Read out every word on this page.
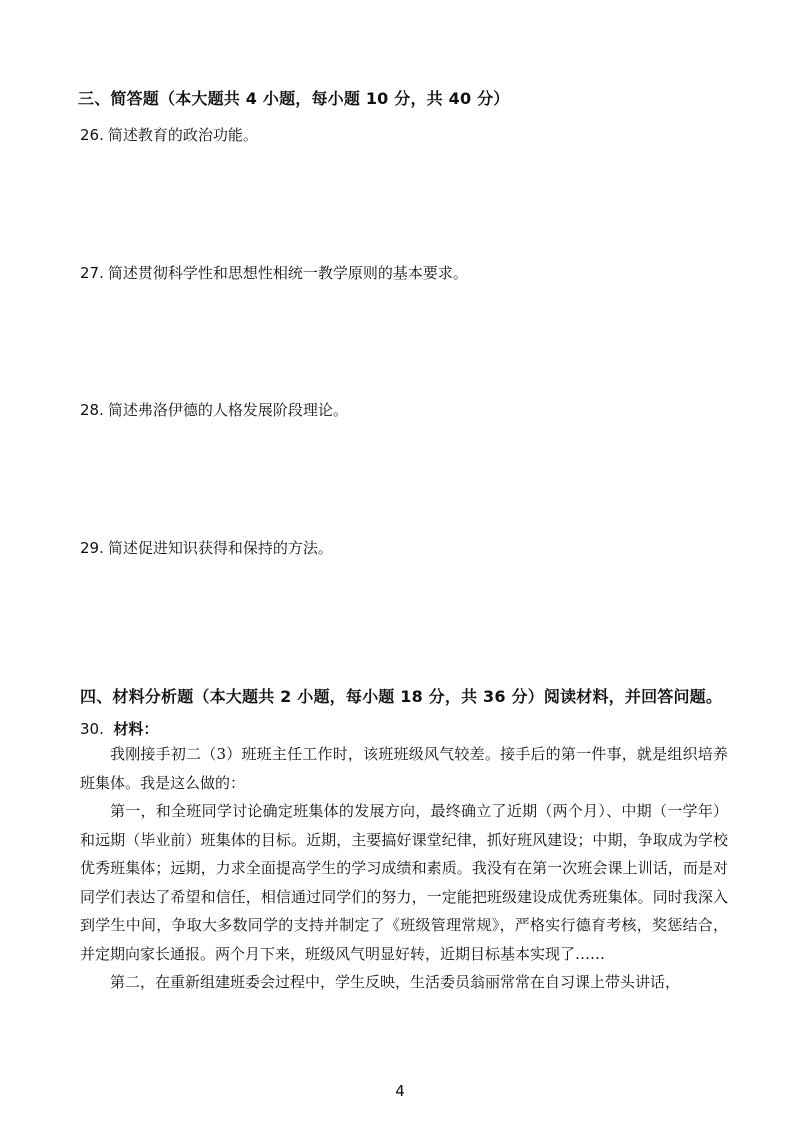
三、简答题（本大题共 4 小题，每小题 10 分，共 40 分）
26. 简述教育的政治功能。
27. 简述贯彻科学性和思想性相统一教学原则的基本要求。
28. 简述弗洛伊德的人格发展阶段理论。
29. 简述促进知识获得和保持的方法。
四、材料分析题（本大题共 2 小题，每小题 18 分，共 36 分）阅读材料，并回答问题。
30. 材料：

我刚接手初二（3）班班主任工作时，该班班级风气较差。接手后的第一件事，就是组织培养班集体。我是这么做的：

第一，和全班同学讨论确定班集体的发展方向，最终确立了近期（两个月）、中期（一学年）和远期（毕业前）班集体的目标。近期，主要搞好课堂纪律，抓好班风建设；中期，争取成为学校优秀班集体；远期，力求全面提高学生的学习成绩和素质。我没有在第一次班会课上训话，而是对同学们表达了希望和信任，相信通过同学们的努力，一定能把班级建设成优秀班集体。同时我深入到学生中间，争取大多数同学的支持并制定了《班级管理常规》，严格实行德育考核，奖惩结合，并定期向家长通报。两个月下来，班级风气明显好转，近期目标基本实现了……

第二，在重新组建班委会过程中，学生反映，生活委员翁丽常常在自习课上带头讲话，

4
